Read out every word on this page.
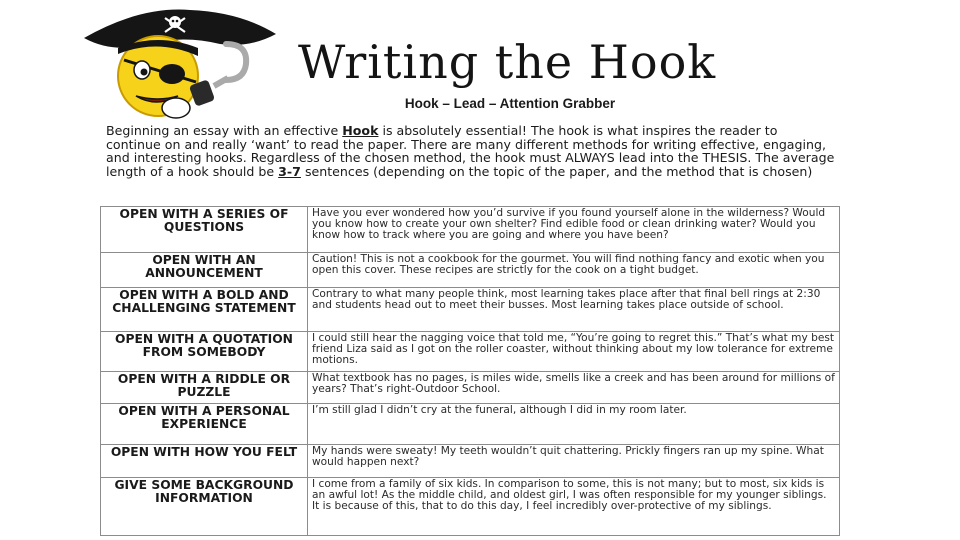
Writing the Hook
Hook – Lead – Attention Grabber
Beginning an essay with an effective Hook is absolutely essential! The hook is what inspires the reader to continue on and really ‘want’ to read the paper. There are many different methods for writing effective, engaging, and interesting hooks. Regardless of the chosen method, the hook must ALWAYS lead into the THESIS. The average length of a hook should be 3-7 sentences (depending on the topic of the paper, and the method that is chosen)
OPEN WITH A SERIES OF QUESTIONS	Have you ever wondered how you’d survive if you found yourself alone in the wilderness? Would you know how to create your own shelter? Find edible food or clean drinking water? Would you know how to track where you are going and where you have been?
OPEN WITH AN ANNOUNCEMENT	Caution! This is not a cookbook for the gourmet. You will find nothing fancy and exotic when you open this cover. These recipes are strictly for the cook on a tight budget.
OPEN WITH A BOLD AND CHALLENGING STATEMENT	Contrary to what many people think, most learning takes place after that final bell rings at 2:30 and students head out to meet their busses. Most learning takes place outside of school.
OPEN WITH A QUOTATION FROM SOMEBODY	I could still hear the nagging voice that told me, “You’re going to regret this.” That’s what my best friend Liza said as I got on the roller coaster, without thinking about my low tolerance for extreme motions.
OPEN WITH A RIDDLE OR PUZZLE	What textbook has no pages, is miles wide, smells like a creek and has been around for millions of years? That’s right-Outdoor School.
OPEN WITH A PERSONAL EXPERIENCE	I’m still glad I didn’t cry at the funeral, although I did in my room later.
OPEN WITH HOW YOU FELT	My hands were sweaty! My teeth wouldn’t quit chattering. Prickly fingers ran up my spine. What would happen next?
GIVE SOME BACKGROUND INFORMATION	I come from a family of six kids. In comparison to some, this is not many; but to most, six kids is an awful lot! As the middle child, and oldest girl, I was often responsible for my younger siblings. It is because of this, that to do this day, I feel incredibly over-protective of my siblings.
